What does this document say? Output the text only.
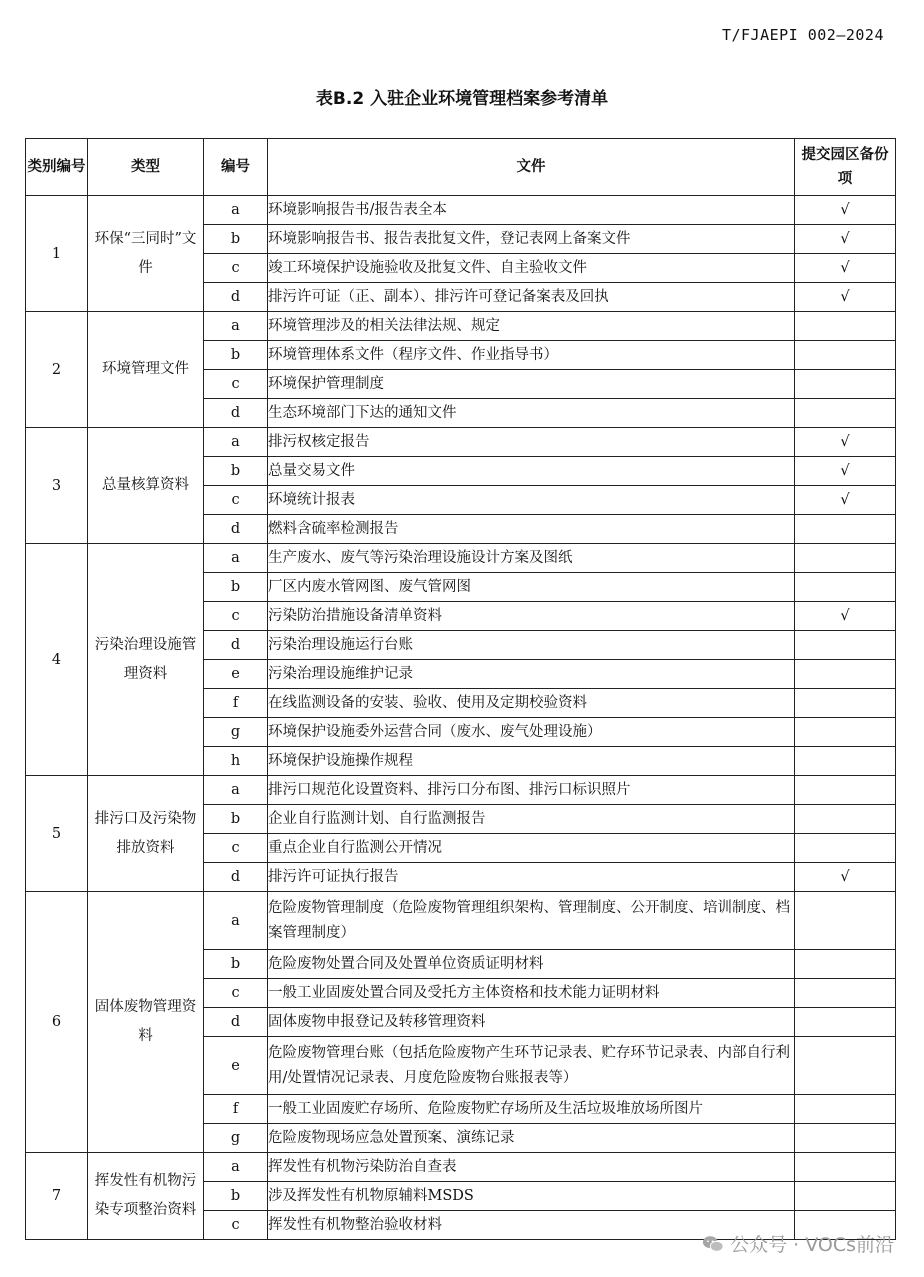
T/FJAEPI 002—2024
表B.2 入驻企业环境管理档案参考清单
类别编号	类型	编号	文件	提交园区备份项
1	环保“三同时”文件	a	环境影响报告书/报告表全本	√
		b	环境影响报告书、报告表批复文件，登记表网上备案文件	√
		c	竣工环境保护设施验收及批复文件、自主验收文件	√
		d	排污许可证（正、副本）、排污许可登记备案表及回执	√
2	环境管理文件	a	环境管理涉及的相关法律法规、规定	
		b	环境管理体系文件（程序文件、作业指导书）	
		c	环境保护管理制度	
		d	生态环境部门下达的通知文件	
3	总量核算资料	a	排污权核定报告	√
		b	总量交易文件	√
		c	环境统计报表	√
		d	燃料含硫率检测报告	
4	污染治理设施管理资料	a	生产废水、废气等污染治理设施设计方案及图纸	
		b	厂区内废水管网图、废气管网图	
		c	污染防治措施设备清单资料	√
		d	污染治理设施运行台账	
		e	污染治理设施维护记录	
		f	在线监测设备的安装、验收、使用及定期校验资料	
		g	环境保护设施委外运营合同（废水、废气处理设施）	
		h	环境保护设施操作规程	
5	排污口及污染物排放资料	a	排污口规范化设置资料、排污口分布图、排污口标识照片	
		b	企业自行监测计划、自行监测报告	
		c	重点企业自行监测公开情况	
		d	排污许可证执行报告	√
6	固体废物管理资料	a	危险废物管理制度（危险废物管理组织架构、管理制度、公开制度、培训制度、档案管理制度）	
		b	危险废物处置合同及处置单位资质证明材料	
		c	一般工业固废处置合同及受托方主体资格和技术能力证明材料	
		d	固体废物申报登记及转移管理资料	
		e	危险废物管理台账（包括危险废物产生环节记录表、贮存环节记录表、内部自行利用/处置情况记录表、月度危险废物台账报表等）	
		f	一般工业固废贮存场所、危险废物贮存场所及生活垃圾堆放场所图片	
		g	危险废物现场应急处置预案、演练记录	
7	挥发性有机物污染专项整治资料	a	挥发性有机物污染防治自查表	
		b	涉及挥发性有机物原辅料MSDS	
		c	挥发性有机物整治验收材料	
公众号 · VOCs前沿
